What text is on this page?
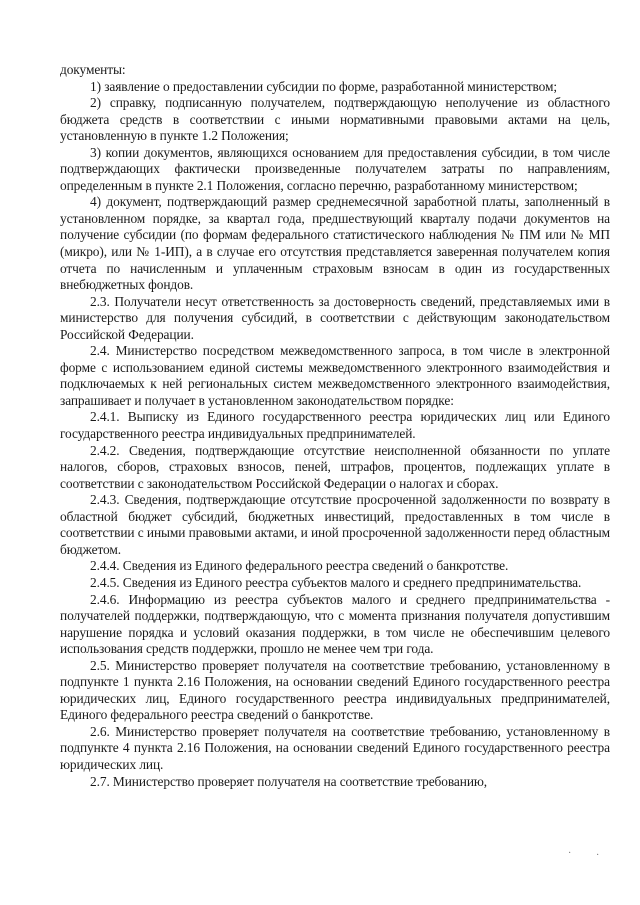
документы:

1) заявление о предоставлении субсидии по форме, разработанной министерством;

2) справку, подписанную получателем, подтверждающую неполучение из областного бюджета средств в соответствии с иными нормативными правовыми актами на цель, установленную в пункте 1.2 Положения;

3) копии документов, являющихся основанием для предоставления субсидии, в том числе подтверждающих фактически произведенные получателем затраты по направлениям, определенным в пункте 2.1 Положения, согласно перечню, разработанному министерством;

4) документ, подтверждающий размер среднемесячной заработной платы, заполненный в установленном порядке, за квартал года, предшествующий кварталу подачи документов на получение субсидии (по формам федерального статистического наблюдения № ПМ или № МП (микро), или № 1-ИП), а в случае его отсутствия представляется заверенная получателем копия отчета по начисленным и уплаченным страховым взносам в один из государственных внебюджетных фондов.

2.3. Получатели несут ответственность за достоверность сведений, представляемых ими в министерство для получения субсидий, в соответствии с действующим законодательством Российской Федерации.

2.4. Министерство посредством межведомственного запроса, в том числе в электронной форме с использованием единой системы межведомственного электронного взаимодействия и подключаемых к ней региональных систем межведомственного электронного взаимодействия, запрашивает и получает в установленном законодательством порядке:

2.4.1. Выписку из Единого государственного реестра юридических лиц или Единого государственного реестра индивидуальных предпринимателей.

2.4.2. Сведения, подтверждающие отсутствие неисполненной обязанности по уплате налогов, сборов, страховых взносов, пеней, штрафов, процентов, подлежащих уплате в соответствии с законодательством Российской Федерации о налогах и сборах.

2.4.3. Сведения, подтверждающие отсутствие просроченной задолженности по возврату в областной бюджет субсидий, бюджетных инвестиций, предоставленных в том числе в соответствии с иными правовыми актами, и иной просроченной задолженности перед областным бюджетом.

2.4.4. Сведения из Единого федерального реестра сведений о банкротстве.

2.4.5. Сведения из Единого реестра субъектов малого и среднего предпринимательства.

2.4.6. Информацию из реестра субъектов малого и среднего предпринимательства - получателей поддержки, подтверждающую, что с момента признания получателя допустившим нарушение порядка и условий оказания поддержки, в том числе не обеспечившим целевого использования средств поддержки, прошло не менее чем три года.

2.5. Министерство проверяет получателя на соответствие требованию, установленному в подпункте 1 пункта 2.16 Положения, на основании сведений Единого государственного реестра юридических лиц, Единого государственного реестра индивидуальных предпринимателей, Единого федерального реестра сведений о банкротстве.

2.6. Министерство проверяет получателя на соответствие требованию, установленному в подпункте 4 пункта 2.16 Положения, на основании сведений Единого государственного реестра юридических лиц.

2.7. Министерство проверяет получателя на соответствие требованию,

· ·
